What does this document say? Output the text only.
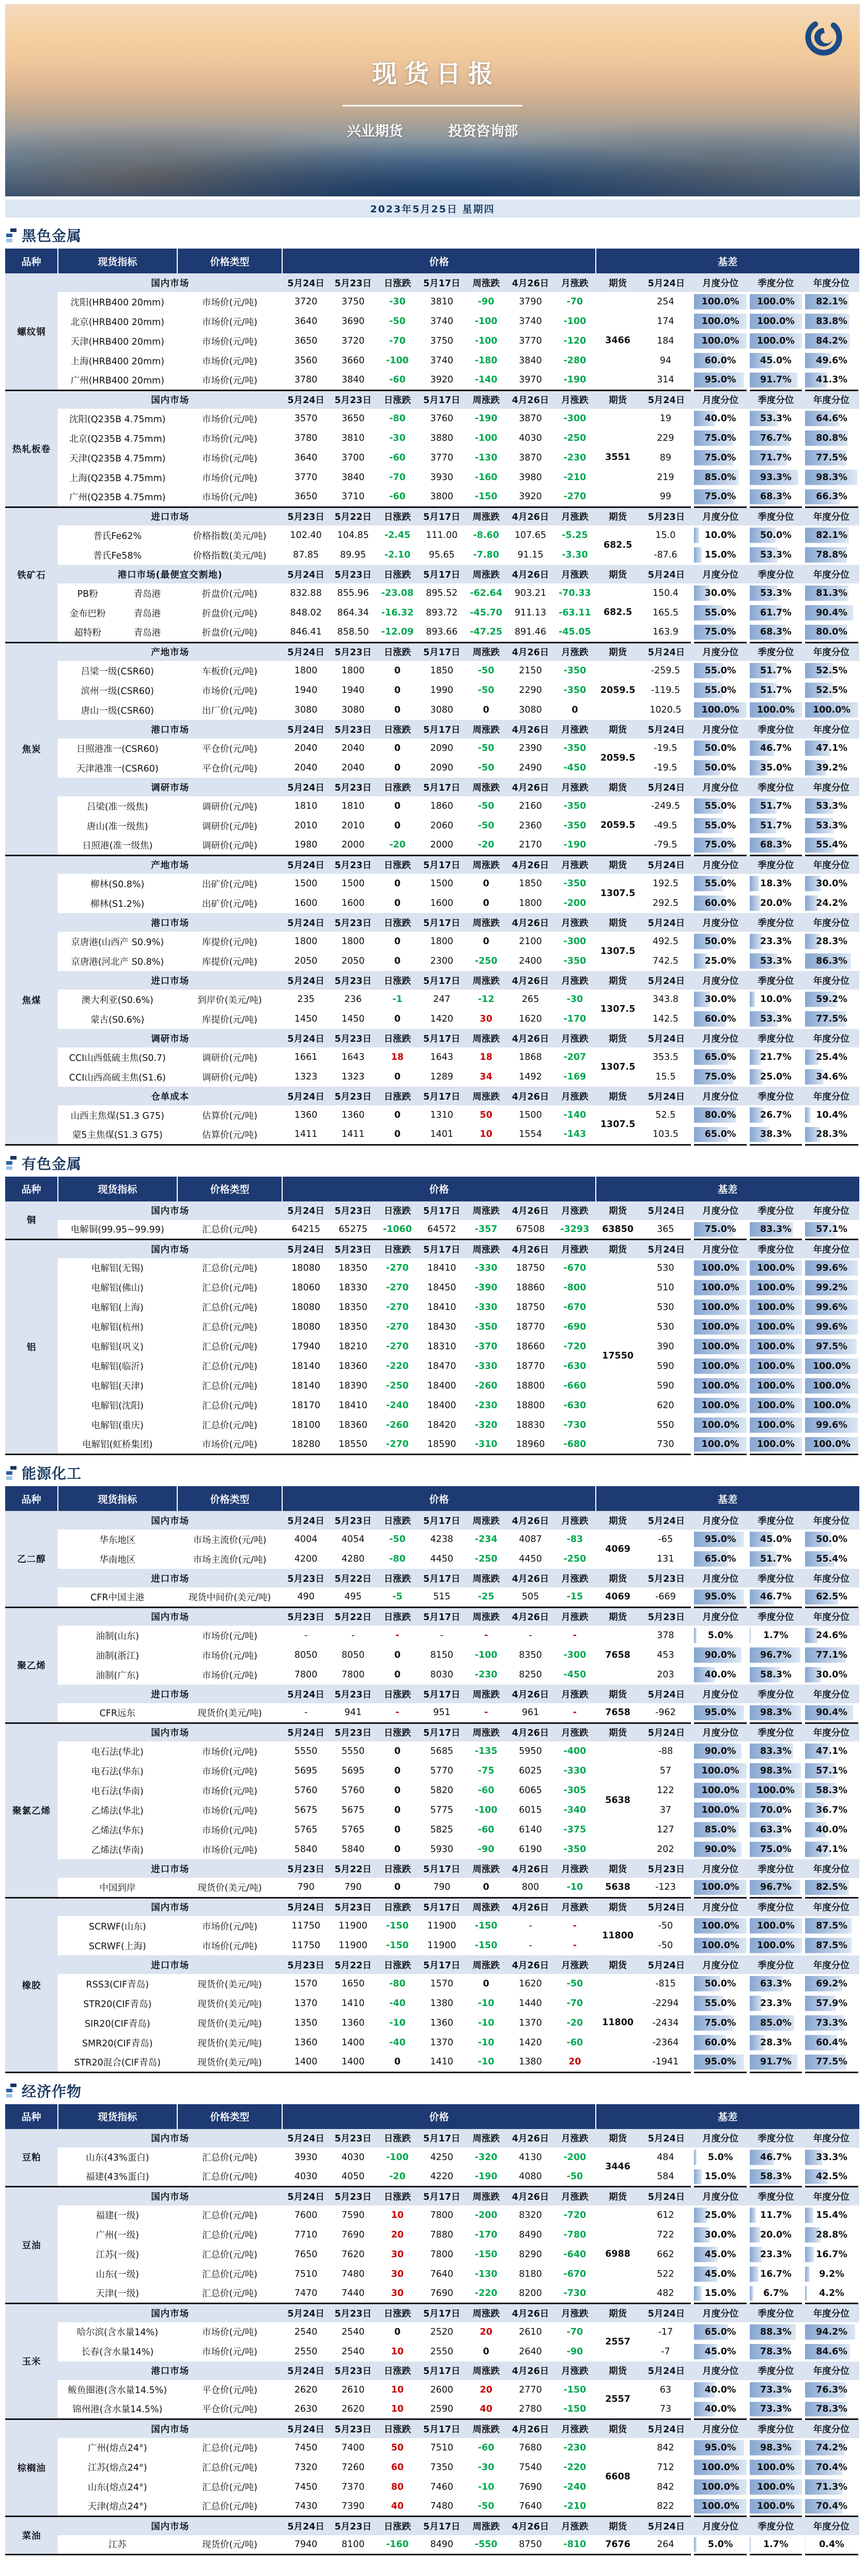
现货日报
兴业期货	投资咨询部
2023年5月25日 星期四
黑色金属
品种	现货指标	价格类型	价格							基差				
螺纹钢	国内市场		5月24日	5月23日	日涨跌	5月17日	周涨跌	4月26日	月涨跌	期货	5月24日	月度分位	季度分位	年度分位
	沈阳(HRB400 20mm)	市场价(元/吨)	3720	3750	-30	3810	-90	3790	-70	3466	254	100.0%	100.0%	82.1%
	北京(HRB400 20mm)	市场价(元/吨)	3640	3690	-50	3740	-100	3740	-100		174	100.0%	100.0%	83.8%
	天津(HRB400 20mm)	市场价(元/吨)	3650	3720	-70	3750	-100	3770	-120		184	100.0%	100.0%	84.2%
	上海(HRB400 20mm)	市场价(元/吨)	3560	3660	-100	3740	-180	3840	-280		94	60.0%	45.0%	49.6%
	广州(HRB400 20mm)	市场价(元/吨)	3780	3840	-60	3920	-140	3970	-190		314	95.0%	91.7%	41.3%
热轧板卷	国内市场		5月24日	5月23日	日涨跌	5月17日	周涨跌	4月26日	月涨跌	期货	5月24日	月度分位	季度分位	年度分位
	沈阳(Q235B 4.75mm)	市场价(元/吨)	3570	3650	-80	3760	-190	3870	-300	3551	19	40.0%	53.3%	64.6%
	北京(Q235B 4.75mm)	市场价(元/吨)	3780	3810	-30	3880	-100	4030	-250		229	75.0%	76.7%	80.8%
	天津(Q235B 4.75mm)	市场价(元/吨)	3640	3700	-60	3770	-130	3870	-230		89	75.0%	71.7%	77.5%
	上海(Q235B 4.75mm)	市场价(元/吨)	3770	3840	-70	3930	-160	3980	-210		219	85.0%	93.3%	98.3%
	广州(Q235B 4.75mm)	市场价(元/吨)	3650	3710	-60	3800	-150	3920	-270		99	75.0%	68.3%	66.3%
铁矿石	进口市场		5月23日	5月22日	日涨跌	5月17日	周涨跌	4月26日	月涨跌	期货	5月23日	月度分位	季度分位	年度分位
	普氏Fe62%	价格指数(美元/吨)	102.40	104.85	-2.45	111.00	-8.60	107.65	-5.25	682.5	15.0	10.0%	50.0%	82.1%
	普氏Fe58%	价格指数(美元/吨)	87.85	89.95	-2.10	95.65	-7.80	91.15	-3.30		-87.6	15.0%	53.3%	78.8%
	港口市场(最便宜交割地)		5月24日	5月23日	日涨跌	5月17日	周涨跌	4月26日	月涨跌	期货	5月24日	月度分位	季度分位	年度分位

	PB粉 青岛港	折盘价(元/吨)	832.88	855.96	-23.08	895.52	-62.64	903.21	-70.33	682.5	150.4	30.0%	53.3%	81.3%

	金布巴粉 青岛港	折盘价(元/吨)	848.02	864.34	-16.32	893.72	-45.70	911.13	-63.11		165.5	55.0%	61.7%	90.4%

	超特粉 青岛港	折盘价(元/吨)	846.41	858.50	-12.09	893.66	-47.25	891.46	-45.05		163.9	75.0%	68.3%	80.0%
焦炭	产地市场		5月24日	5月23日	日涨跌	5月17日	周涨跌	4月26日	月涨跌	期货	5月24日	月度分位	季度分位	年度分位
	吕梁一级(CSR60)	车板价(元/吨)	1800	1800	0	1850	-50	2150	-350	2059.5	-259.5	55.0%	51.7%	52.5%
	滨州一级(CSR60)	市场价(元/吨)	1940	1940	0	1990	-50	2290	-350		-119.5	55.0%	51.7%	52.5%
	唐山一级(CSR60)	出厂价(元/吨)	3080	3080	0	3080	0	3080	0		1020.5	100.0%	100.0%	100.0%
	港口市场		5月24日	5月23日	日涨跌	5月17日	周涨跌	4月26日	月涨跌	期货	5月24日	月度分位	季度分位	年度分位
	日照港准一(CSR60)	平仓价(元/吨)	2040	2040	0	2090	-50	2390	-350	2059.5	-19.5	50.0%	46.7%	47.1%
	天津港准一(CSR60)	平仓价(元/吨)	2040	2040	0	2090	-50	2490	-450		-19.5	50.0%	35.0%	39.2%
	调研市场		5月24日	5月23日	日涨跌	5月17日	周涨跌	4月26日	月涨跌	期货	5月24日	月度分位	季度分位	年度分位
	吕梁(准一级焦)	调研价(元/吨)	1810	1810	0	1860	-50	2160	-350	2059.5	-249.5	55.0%	51.7%	53.3%
	唐山(准一级焦)	调研价(元/吨)	2010	2010	0	2060	-50	2360	-350		-49.5	55.0%	51.7%	53.3%
	日照港(准一级焦)	调研价(元/吨)	1980	2000	-20	2000	-20	2170	-190		-79.5	75.0%	68.3%	55.4%
焦煤	产地市场		5月24日	5月23日	日涨跌	5月17日	周涨跌	4月26日	月涨跌	期货	5月24日	月度分位	季度分位	年度分位
	柳林(S0.8%)	出矿价(元/吨)	1500	1500	0	1500	0	1850	-350	1307.5	192.5	55.0%	18.3%	30.0%
	柳林(S1.2%)	出矿价(元/吨)	1600	1600	0	1600	0	1800	-200		292.5	60.0%	20.0%	24.2%
	港口市场		5月24日	5月23日	日涨跌	5月17日	周涨跌	4月26日	月涨跌	期货	5月24日	月度分位	季度分位	年度分位
	京唐港(山西产 S0.9%)	库提价(元/吨)	1800	1800	0	1800	0	2100	-300	1307.5	492.5	50.0%	23.3%	28.3%
	京唐港(河北产 S0.8%)	库提价(元/吨)	2050	2050	0	2300	-250	2400	-350		742.5	25.0%	53.3%	86.3%
	进口市场		5月24日	5月23日	日涨跌	5月17日	周涨跌	4月26日	月涨跌	期货	5月24日	月度分位	季度分位	年度分位
	澳大利亚(S0.6%)	到岸价(美元/吨)	235	236	-1	247	-12	265	-30	1307.5	343.8	30.0%	10.0%	59.2%
	蒙古(S0.6%)	库提价(元/吨)	1450	1450	0	1420	30	1620	-170		142.5	60.0%	53.3%	77.5%
	调研市场		5月24日	5月23日	日涨跌	5月17日	周涨跌	4月26日	月涨跌	期货	5月24日	月度分位	季度分位	年度分位
	CCI山西低硫主焦(S0.7)	调研价(元/吨)	1661	1643	18	1643	18	1868	-207	1307.5	353.5	65.0%	21.7%	25.4%
	CCI山西高硫主焦(S1.6)	调研价(元/吨)	1323	1323	0	1289	34	1492	-169		15.5	75.0%	25.0%	34.6%
	仓单成本		5月24日	5月23日	日涨跌	5月17日	周涨跌	4月26日	月涨跌	期货	5月24日	月度分位	季度分位	年度分位
	山西主焦煤(S1.3 G75)	估算价(元/吨)	1360	1360	0	1310	50	1500	-140	1307.5	52.5	80.0%	26.7%	10.4%
	蒙5主焦煤(S1.3 G75)	估算价(元/吨)	1411	1411	0	1401	10	1554	-143		103.5	65.0%	38.3%	28.3%
有色金属
品种	现货指标	价格类型	价格							基差				
铜	国内市场		5月24日	5月23日	日涨跌	5月17日	周涨跌	4月26日	月涨跌	期货	5月24日	月度分位	季度分位	年度分位
	电解铜(99.95~99.99)	汇总价(元/吨)	64215	65275	-1060	64572	-357	67508	-3293	63850	365	75.0%	83.3%	57.1%
铝	国内市场		5月24日	5月23日	日涨跌	5月17日	周涨跌	4月26日	月涨跌	期货	5月24日	月度分位	季度分位	年度分位
	电解铝(无锡)	汇总价(元/吨)	18080	18350	-270	18410	-330	18750	-670	17550	530	100.0%	100.0%	99.6%
	电解铝(佛山)	汇总价(元/吨)	18060	18330	-270	18450	-390	18860	-800		510	100.0%	100.0%	99.2%
	电解铝(上海)	汇总价(元/吨)	18080	18350	-270	18410	-330	18750	-670		530	100.0%	100.0%	99.6%
	电解铝(杭州)	汇总价(元/吨)	18080	18350	-270	18430	-350	18770	-690		530	100.0%	100.0%	99.6%
	电解铝(巩义)	汇总价(元/吨)	17940	18210	-270	18310	-370	18660	-720		390	100.0%	100.0%	97.5%
	电解铝(临沂)	汇总价(元/吨)	18140	18360	-220	18470	-330	18770	-630		590	100.0%	100.0%	100.0%
	电解铝(天津)	汇总价(元/吨)	18140	18390	-250	18400	-260	18800	-660		590	100.0%	100.0%	100.0%
	电解铝(沈阳)	汇总价(元/吨)	18170	18410	-240	18400	-230	18800	-630		620	100.0%	100.0%	100.0%
	电解铝(重庆)	汇总价(元/吨)	18100	18360	-260	18420	-320	18830	-730		550	100.0%	100.0%	99.6%
	电解铝(虹桥集团)	市场价(元/吨)	18280	18550	-270	18590	-310	18960	-680		730	100.0%	100.0%	100.0%
能源化工
品种	现货指标	价格类型	价格							基差				
乙二醇	国内市场		5月24日	5月23日	日涨跌	5月17日	周涨跌	4月26日	月涨跌	期货	5月24日	月度分位	季度分位	年度分位
	华东地区	市场主流价(元/吨)	4004	4054	-50	4238	-234	4087	-83	4069	-65	95.0%	45.0%	50.0%
	华南地区	市场主流价(元/吨)	4200	4280	-80	4450	-250	4450	-250		131	65.0%	51.7%	55.4%
	进口市场		5月23日	5月22日	日涨跌	5月17日	周涨跌	4月26日	月涨跌	期货	5月23日	月度分位	季度分位	年度分位
	CFR中国主港	现货中间价(美元/吨)	490	495	-5	515	-25	505	-15	4069	-669	95.0%	46.7%	62.5%
聚乙烯	国内市场		5月23日	5月22日	日涨跌	5月17日	周涨跌	4月26日	月涨跌	期货	5月23日	月度分位	季度分位	年度分位
	油制(山东)	市场价(元/吨)	-	-	-	-	-	-	-	7658	378	5.0%	1.7%	24.6%
	油制(浙江)	市场价(元/吨)	8050	8050	0	8150	-100	8350	-300		453	90.0%	96.7%	77.1%
	油制(广东)	市场价(元/吨)	7800	7800	0	8030	-230	8250	-450		203	40.0%	58.3%	30.0%
	进口市场		5月24日	5月23日	日涨跌	5月17日	周涨跌	4月26日	月涨跌	期货	5月24日	月度分位	季度分位	年度分位
	CFR远东	现货价(美元/吨)	-	941	-	951	-	961	-	7658	-962	95.0%	98.3%	90.4%
聚氯乙烯	国内市场		5月24日	5月23日	日涨跌	5月17日	周涨跌	4月26日	月涨跌	期货	5月24日	月度分位	季度分位	年度分位
	电石法(华北)	市场价(元/吨)	5550	5550	0	5685	-135	5950	-400	5638	-88	90.0%	83.3%	47.1%
	电石法(华东)	市场价(元/吨)	5695	5695	0	5770	-75	6025	-330		57	100.0%	98.3%	57.1%
	电石法(华南)	市场价(元/吨)	5760	5760	0	5820	-60	6065	-305		122	100.0%	100.0%	58.3%
	乙烯法(华北)	市场价(元/吨)	5675	5675	0	5775	-100	6015	-340		37	100.0%	70.0%	36.7%
	乙烯法(华东)	市场价(元/吨)	5765	5765	0	5825	-60	6140	-375		127	85.0%	63.3%	40.0%
	乙烯法(华南)	市场价(元/吨)	5840	5840	0	5930	-90	6190	-350		202	90.0%	75.0%	47.1%
	进口市场		5月23日	5月22日	日涨跌	5月17日	周涨跌	4月26日	月涨跌	期货	5月23日	月度分位	季度分位	年度分位
	中国到岸	现货价(美元/吨)	790	790	0	790	0	800	-10	5638	-123	100.0%	96.7%	82.5%
橡胶	国内市场		5月24日	5月23日	日涨跌	5月17日	周涨跌	4月26日	月涨跌	期货	5月24日	月度分位	季度分位	年度分位
	SCRWF(山东)	市场价(元/吨)	11750	11900	-150	11900	-150	-	-	11800	-50	100.0%	100.0%	87.5%
	SCRWF(上海)	市场价(元/吨)	11750	11900	-150	11900	-150	-	-		-50	100.0%	100.0%	87.5%
	进口市场		5月23日	5月22日	日涨跌	5月17日	周涨跌	4月26日	月涨跌	期货	5月24日	月度分位	季度分位	年度分位
	RSS3(CIF青岛)	现货价(美元/吨)	1570	1650	-80	1570	0	1620	-50	11800	-815	50.0%	63.3%	69.2%
	STR20(CIF青岛)	现货价(美元/吨)	1370	1410	-40	1380	-10	1440	-70		-2294	55.0%	23.3%	57.9%
	SIR20(CIF青岛)	现货价(美元/吨)	1350	1360	-10	1360	-10	1370	-20		-2434	75.0%	85.0%	73.3%
	SMR20(CIF青岛)	现货价(美元/吨)	1360	1400	-40	1370	-10	1420	-60		-2364	60.0%	28.3%	60.4%
	STR20混合(CIF青岛)	现货价(美元/吨)	1400	1400	0	1410	-10	1380	20		-1941	95.0%	91.7%	77.5%
经济作物
品种	现货指标	价格类型	价格							基差				
豆粕	国内市场		5月24日	5月23日	日涨跌	5月17日	周涨跌	4月26日	月涨跌	期货	5月24日	月度分位	季度分位	年度分位
	山东(43%蛋白)	汇总价(元/吨)	3930	4030	-100	4250	-320	4130	-200	3446	484	5.0%	46.7%	33.3%
	福建(43%蛋白)	汇总价(元/吨)	4030	4050	-20	4220	-190	4080	-50		584	15.0%	58.3%	42.5%
豆油	国内市场		5月24日	5月23日	日涨跌	5月17日	周涨跌	4月26日	月涨跌	期货	5月24日	月度分位	季度分位	年度分位
	福建(一级)	汇总价(元/吨)	7600	7590	10	7800	-200	8320	-720	6988	612	25.0%	11.7%	15.4%
	广州(一级)	汇总价(元/吨)	7710	7690	20	7880	-170	8490	-780		722	30.0%	20.0%	28.8%
	江苏(一级)	汇总价(元/吨)	7650	7620	30	7800	-150	8290	-640		662	45.0%	23.3%	16.7%
	山东(一级)	汇总价(元/吨)	7510	7480	30	7640	-130	8180	-670		522	45.0%	16.7%	9.2%
	天津(一级)	汇总价(元/吨)	7470	7440	30	7690	-220	8200	-730		482	15.0%	6.7%	4.2%
玉米	国内市场		5月24日	5月23日	日涨跌	5月17日	周涨跌	4月26日	月涨跌	期货	5月24日	月度分位	季度分位	年度分位
	哈尔滨(含水量14%)	市场价(元/吨)	2540	2540	0	2520	20	2610	-70	2557	-17	65.0%	88.3%	94.2%
	长春(含水量14%)	市场价(元/吨)	2550	2540	10	2550	0	2640	-90		-7	45.0%	78.3%	84.6%
	港口市场		5月24日	5月23日	日涨跌	5月17日	周涨跌	4月26日	月涨跌	期货	5月24日	月度分位	季度分位	年度分位
	鲅鱼圈港(含水量14.5%)	平仓价(元/吨)	2620	2610	10	2600	20	2770	-150	2557	63	40.0%	73.3%	76.3%
	锦州港(含水量14.5%)	平仓价(元/吨)	2630	2620	10	2590	40	2780	-150		73	40.0%	73.3%	78.3%
棕榈油	国内市场		5月24日	5月23日	日涨跌	5月17日	周涨跌	4月26日	月涨跌	期货	5月24日	月度分位	季度分位	年度分位
	广州(熔点24°)	汇总价(元/吨)	7450	7400	50	7510	-60	7680	-230	6608	842	95.0%	98.3%	74.2%
	江苏(熔点24°)	汇总价(元/吨)	7320	7260	60	7350	-30	7540	-220		712	100.0%	100.0%	70.4%
	山东(熔点24°)	汇总价(元/吨)	7450	7370	80	7460	-10	7690	-240		842	100.0%	100.0%	71.3%
	天津(熔点24°)	汇总价(元/吨)	7430	7390	40	7480	-50	7640	-210		822	100.0%	100.0%	70.4%
菜油	国内市场		5月24日	5月23日	日涨跌	5月17日	周涨跌	4月26日	月涨跌	期货	5月24日	月度分位	季度分位	年度分位
	江苏	现货价(元/吨)	7940	8100	-160	8490	-550	8750	-810	7676	264	5.0%	1.7%	0.4%
